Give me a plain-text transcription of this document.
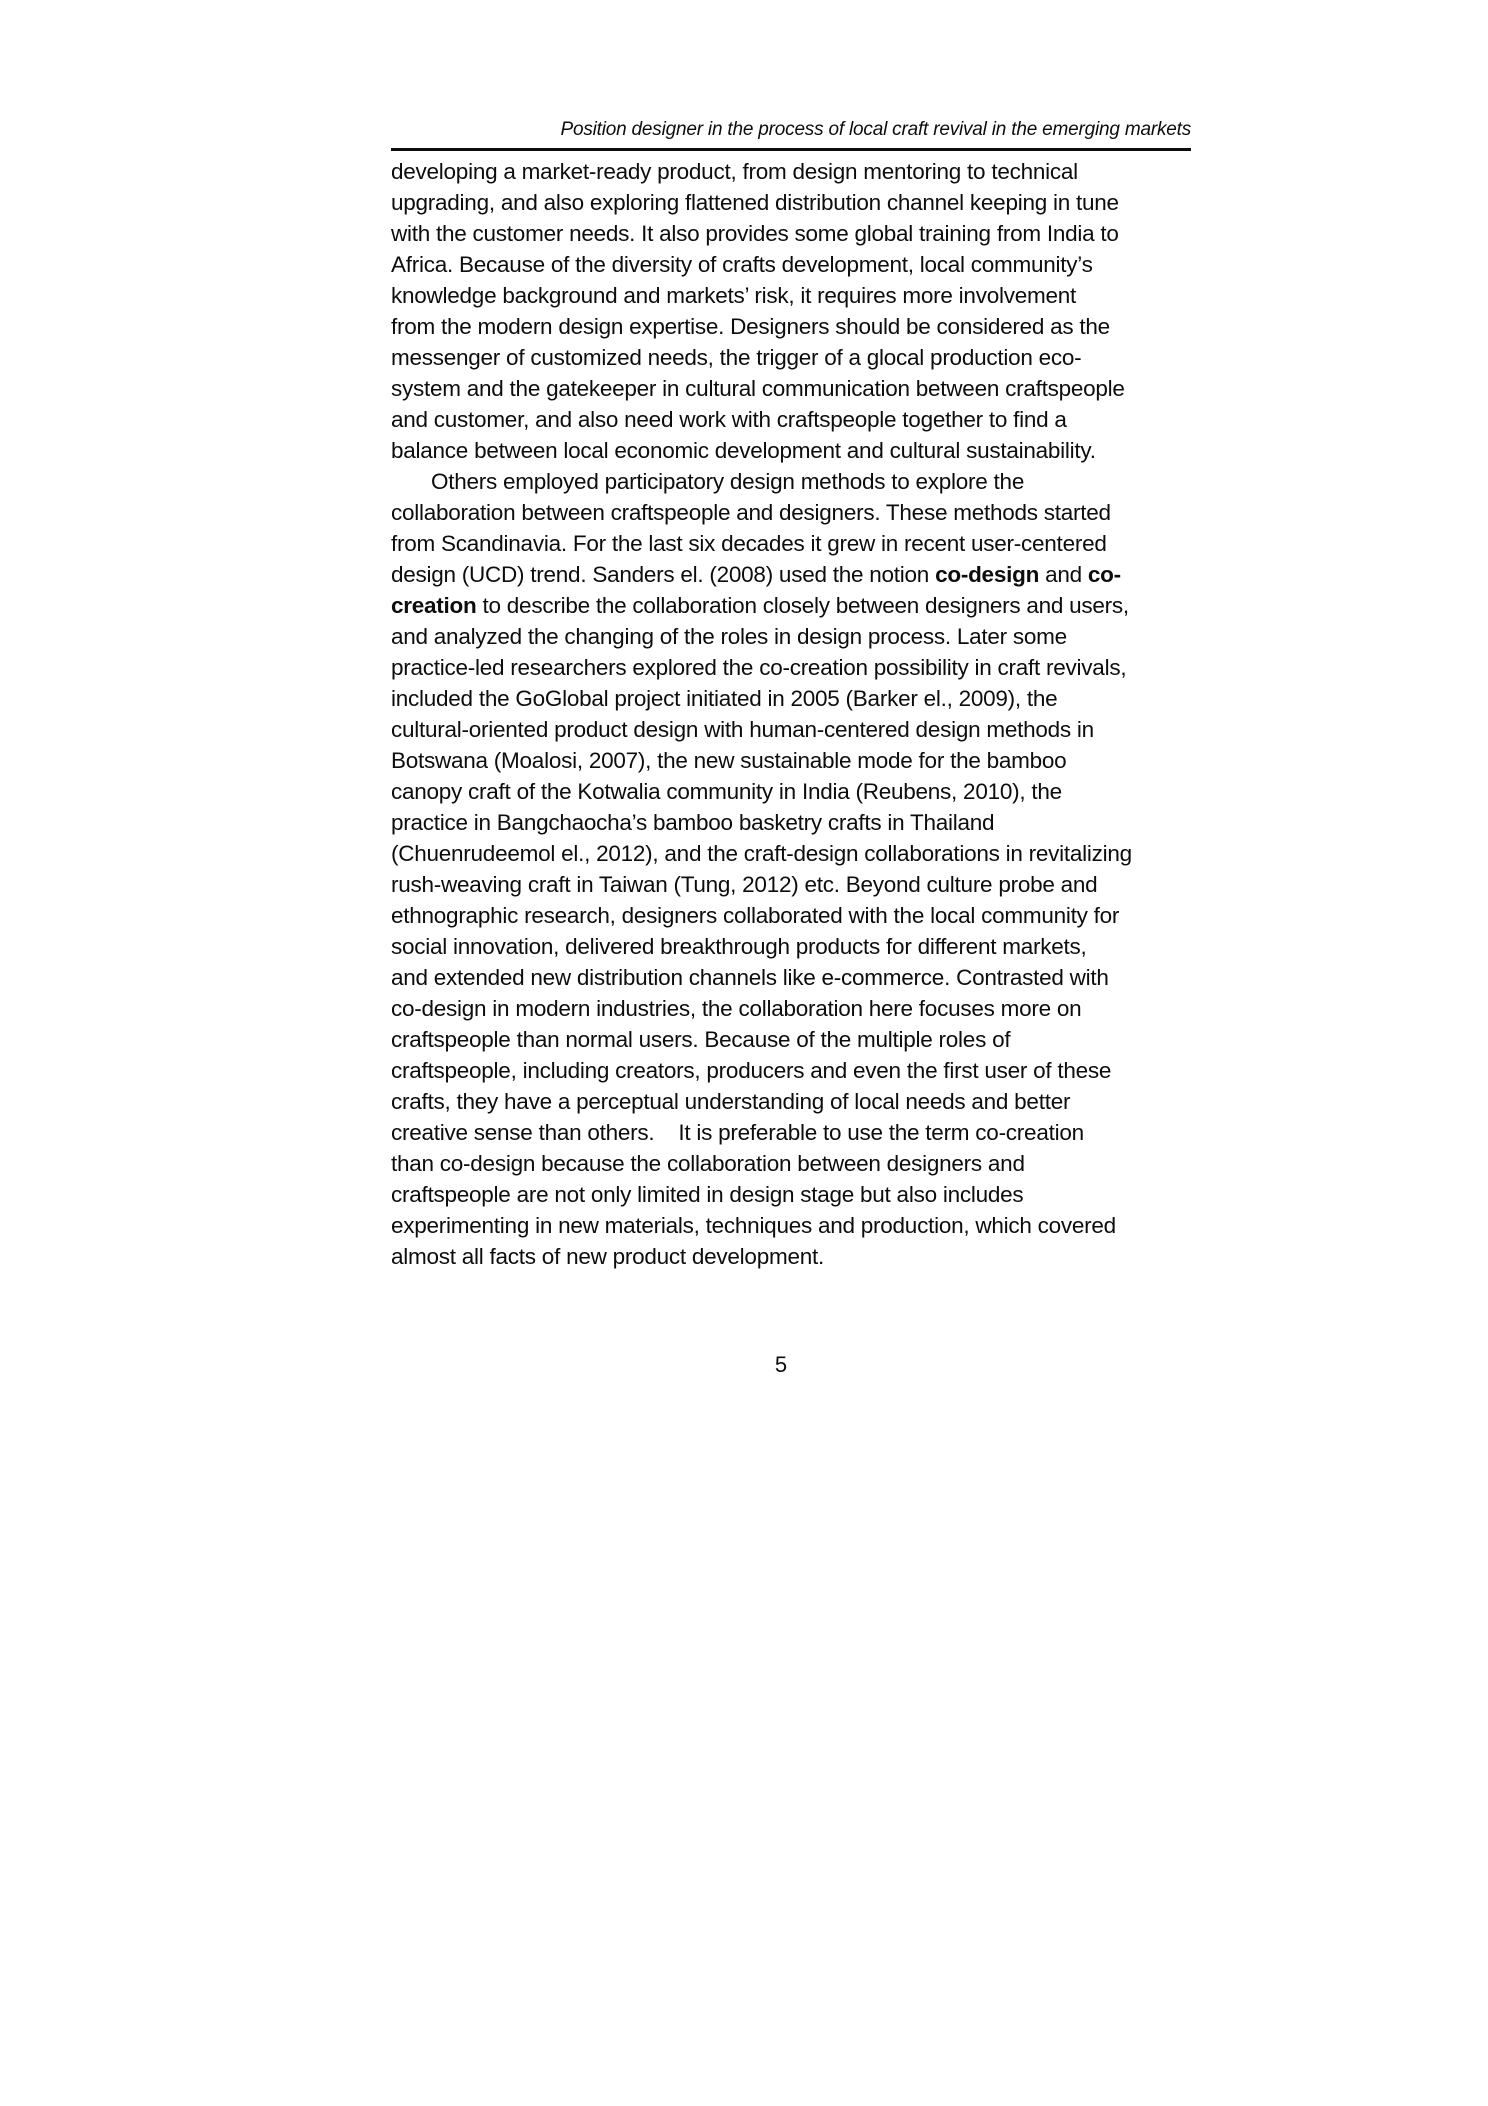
Position designer in the process of local craft revival in the emerging markets
developing a market-ready product, from design mentoring to technical
upgrading, and also exploring flattened distribution channel keeping in tune
with the customer needs. It also provides some global training from India to
Africa. Because of the diversity of crafts development, local community’s
knowledge background and markets’ risk, it requires more involvement
from the modern design expertise. Designers should be considered as the
messenger of customized needs, the trigger of a glocal production eco-
system and the gatekeeper in cultural communication between craftspeople
and customer, and also need work with craftspeople together to find a
balance between local economic development and cultural sustainability.
Others employed participatory design methods to explore the
collaboration between craftspeople and designers. These methods started
from Scandinavia. For the last six decades it grew in recent user-centered
design (UCD) trend. Sanders el. (2008) used the notion co-design and co-
creation to describe the collaboration closely between designers and users,
and analyzed the changing of the roles in design process. Later some
practice-led researchers explored the co-creation possibility in craft revivals,
included the GoGlobal project initiated in 2005 (Barker el., 2009), the
cultural-oriented product design with human-centered design methods in
Botswana (Moalosi, 2007), the new sustainable mode for the bamboo
canopy craft of the Kotwalia community in India (Reubens, 2010), the
practice in Bangchaocha’s bamboo basketry crafts in Thailand
(Chuenrudeemol el., 2012), and the craft-design collaborations in revitalizing
rush-weaving craft in Taiwan (Tung, 2012) etc. Beyond culture probe and
ethnographic research, designers collaborated with the local community for
social innovation, delivered breakthrough products for different markets,
and extended new distribution channels like e-commerce. Contrasted with
co-design in modern industries, the collaboration here focuses more on
craftspeople than normal users. Because of the multiple roles of
craftspeople, including creators, producers and even the first user of these
crafts, they have a perceptual understanding of local needs and better
creative sense than others.    It is preferable to use the term co-creation
than co-design because the collaboration between designers and
craftspeople are not only limited in design stage but also includes
experimenting in new materials, techniques and production, which covered
almost all facts of new product development.
5
